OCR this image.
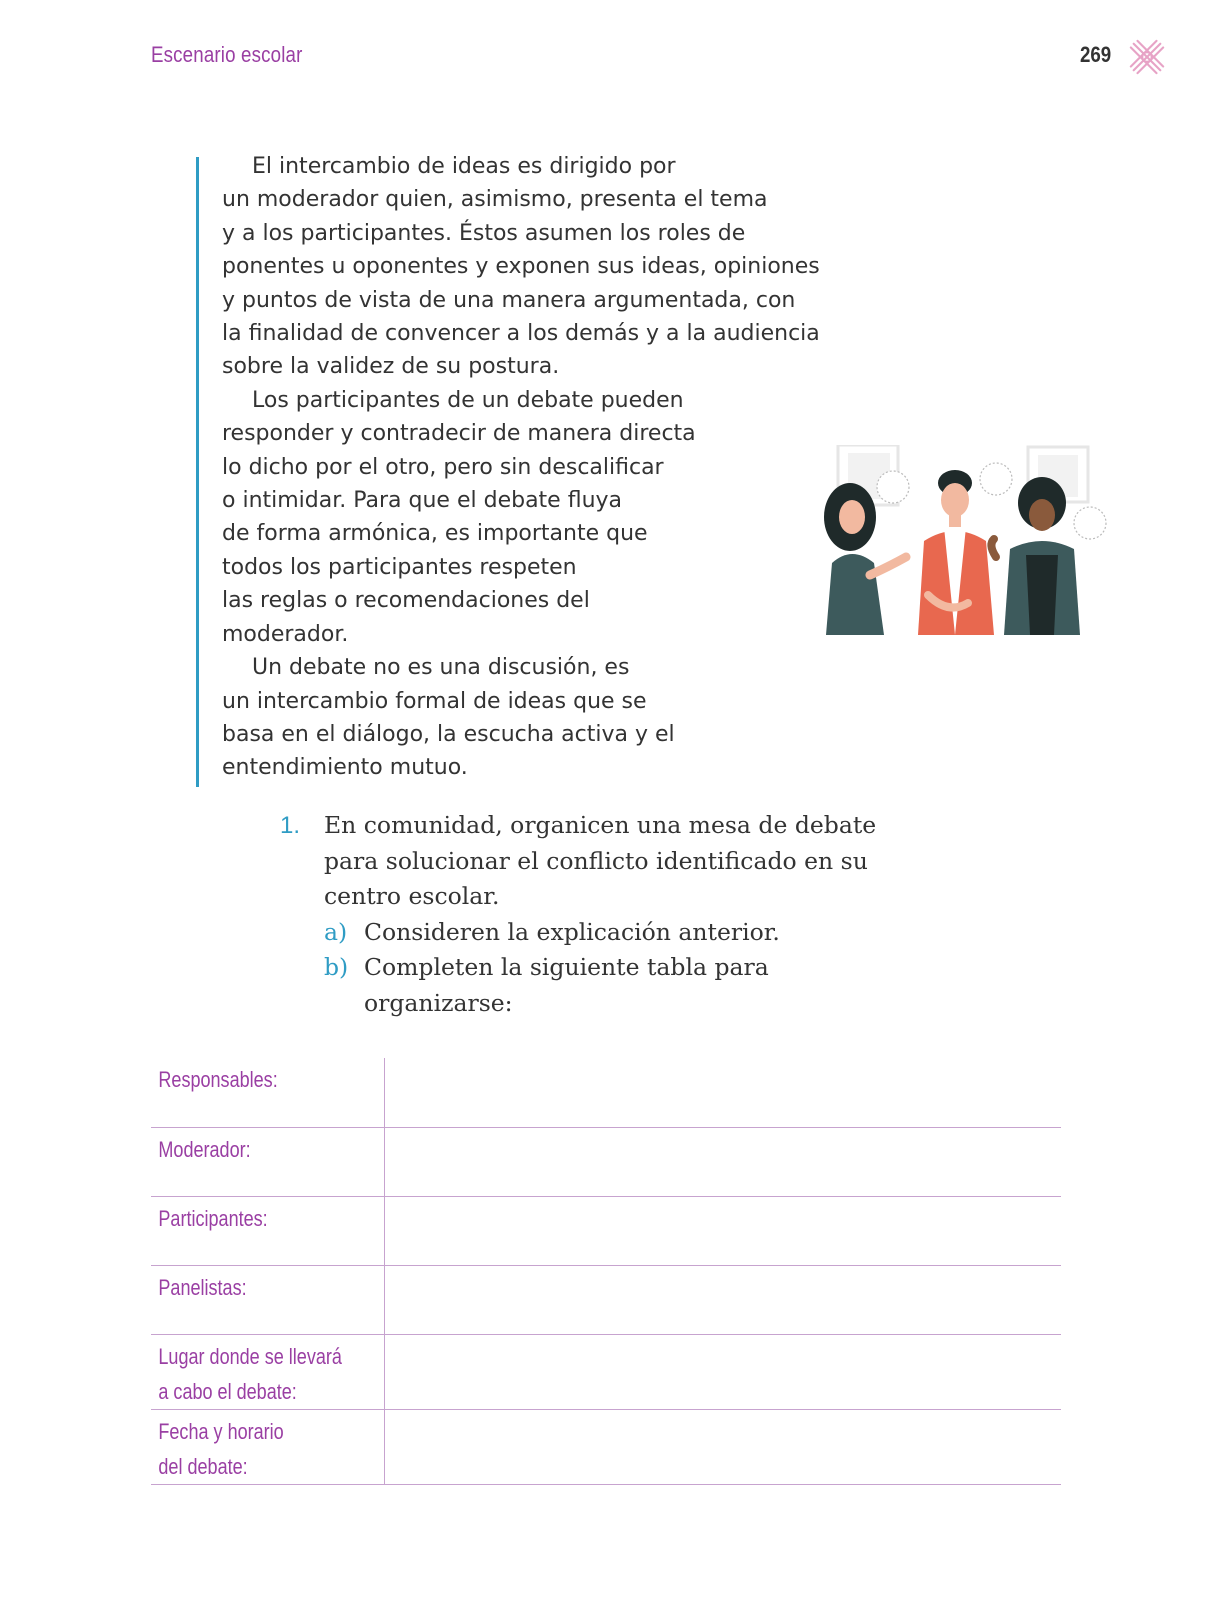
Escenario escolar	269

El intercambio de ideas es dirigido por
un moderador quien, asimismo, presenta el tema
y a los participantes. Éstos asumen los roles de
ponentes u oponentes y exponen sus ideas, opiniones
y puntos de vista de una manera argumentada, con
la finalidad de convencer a los demás y a la audiencia
sobre la validez de su postura.

Los participantes de un debate pueden
responder y contradecir de manera directa
lo dicho por el otro, pero sin descalificar
o intimidar. Para que el debate fluya
de forma armónica, es importante que
todos los participantes respeten
las reglas o recomendaciones del
moderador.

Un debate no es una discusión, es
un intercambio formal de ideas que se
basa en el diálogo, la escucha activa y el
entendimiento mutuo.

1. En comunidad, organicen una mesa de debate
para solucionar el conflicto identificado en su
centro escolar.
a) Consideren la explicación anterior.
b) Completen la siguiente tabla para
organizarse:
Responsables:	

Moderador:	

Participantes:	

Panelistas:	

Lugar donde se llevará
a cabo el debate:	

Fecha y horario
del debate:	
